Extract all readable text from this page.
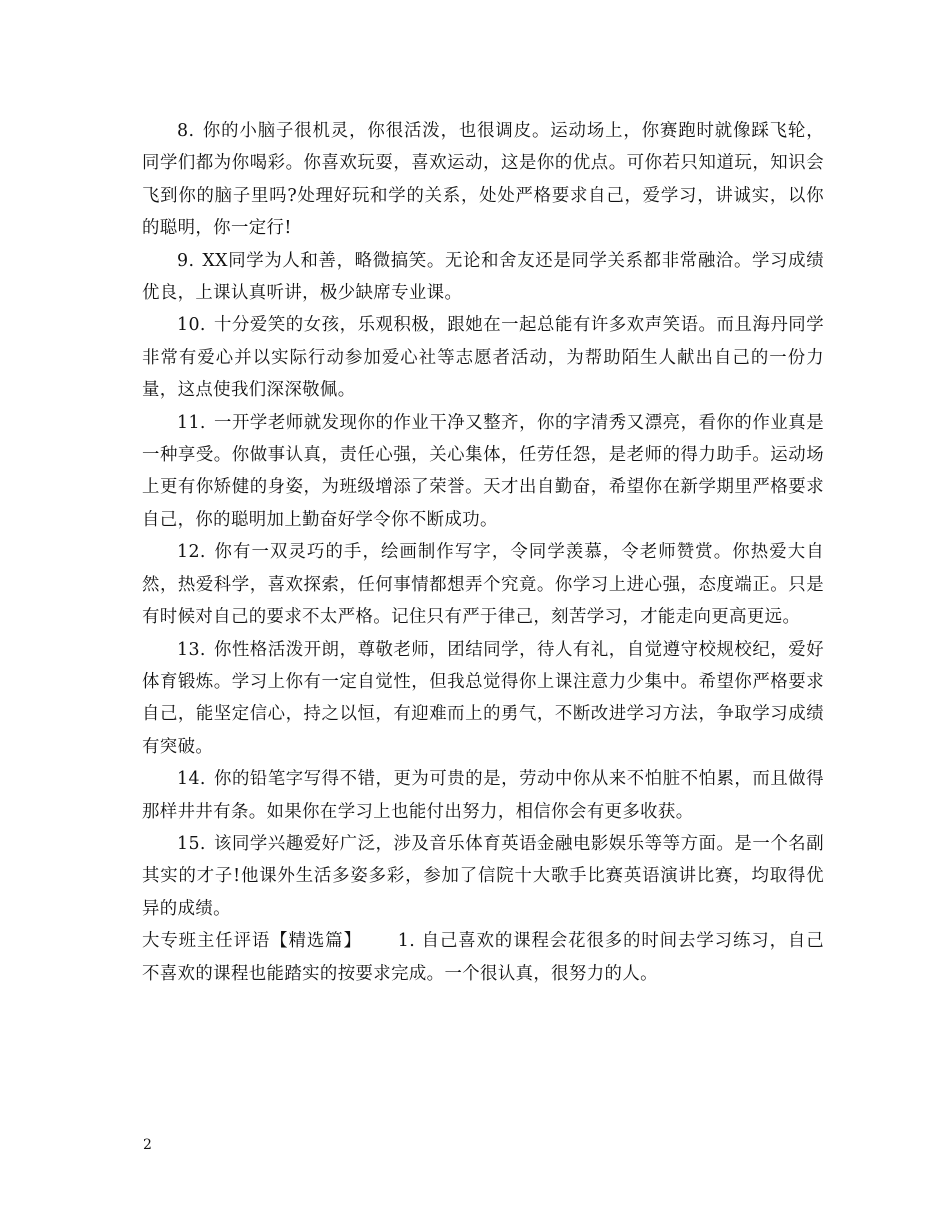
8. 你的小脑子很机灵，你很活泼，也很调皮。运动场上，你赛跑时就像踩飞轮，同学们都为你喝彩。你喜欢玩耍，喜欢运动，这是你的优点。可你若只知道玩，知识会飞到你的脑子里吗?处理好玩和学的关系，处处严格要求自己，爱学习，讲诚实，以你的聪明，你一定行!

9. XX同学为人和善，略微搞笑。无论和舍友还是同学关系都非常融洽。学习成绩优良，上课认真听讲，极少缺席专业课。

10. 十分爱笑的女孩，乐观积极，跟她在一起总能有许多欢声笑语。而且海丹同学非常有爱心并以实际行动参加爱心社等志愿者活动，为帮助陌生人献出自己的一份力量，这点使我们深深敬佩。

11. 一开学老师就发现你的作业干净又整齐，你的字清秀又漂亮，看你的作业真是一种享受。你做事认真，责任心强，关心集体，任劳任怨，是老师的得力助手。运动场上更有你矫健的身姿，为班级增添了荣誉。天才出自勤奋，希望你在新学期里严格要求自己，你的聪明加上勤奋好学令你不断成功。

12. 你有一双灵巧的手，绘画制作写字，令同学羡慕，令老师赞赏。你热爱大自然，热爱科学，喜欢探索，任何事情都想弄个究竟。你学习上进心强，态度端正。只是有时候对自己的要求不太严格。记住只有严于律己，刻苦学习，才能走向更高更远。

13. 你性格活泼开朗，尊敬老师，团结同学，待人有礼，自觉遵守校规校纪，爱好体育锻炼。学习上你有一定自觉性，但我总觉得你上课注意力少集中。希望你严格要求自己，能坚定信心，持之以恒，有迎难而上的勇气，不断改进学习方法，争取学习成绩有突破。

14. 你的铅笔字写得不错，更为可贵的是，劳动中你从来不怕脏不怕累，而且做得那样井井有条。如果你在学习上也能付出努力，相信你会有更多收获。

15. 该同学兴趣爱好广泛，涉及音乐体育英语金融电影娱乐等等方面。是一个名副其实的才子!他课外生活多姿多彩，参加了信院十大歌手比赛英语演讲比赛，均取得优异的成绩。

大专班主任评语【精选篇】 1. 自己喜欢的课程会花很多的时间去学习练习，自己不喜欢的课程也能踏实的按要求完成。一个很认真，很努力的人。

2
